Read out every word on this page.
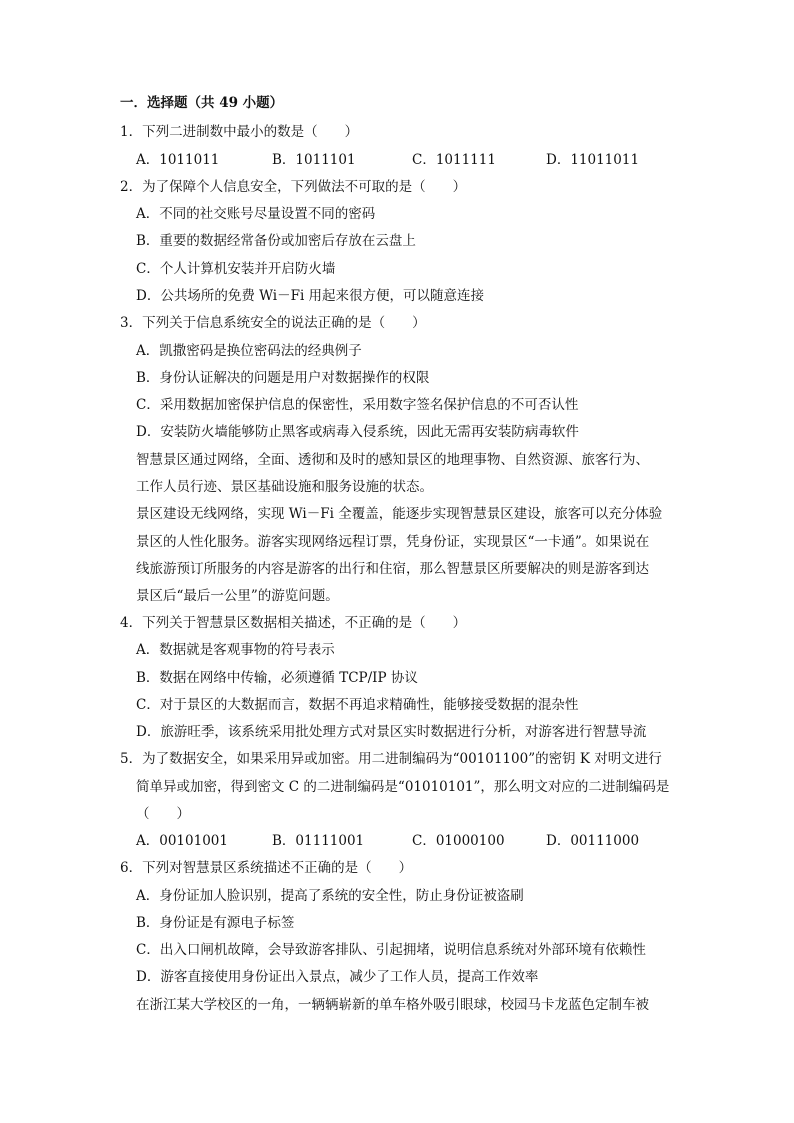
一．选择题（共 49 小题）
1．下列二进制数中最小的数是（　　）
A．1011011	B．1011101	C．1011111	D．11011011
2．为了保障个人信息安全，下列做法不可取的是（　　）
A．不同的社交账号尽量设置不同的密码
B．重要的数据经常备份或加密后存放在云盘上
C．个人计算机安装并开启防火墙
D．公共场所的免费 Wi－Fi 用起来很方便，可以随意连接
3．下列关于信息系统安全的说法正确的是（　　）
A．凯撒密码是换位密码法的经典例子
B．身份认证解决的问题是用户对数据操作的权限
C．采用数据加密保护信息的保密性，采用数字签名保护信息的不可否认性
D．安装防火墙能够防止黑客或病毒入侵系统，因此无需再安装防病毒软件
智慧景区通过网络，全面、透彻和及时的感知景区的地理事物、自然资源、旅客行为、
工作人员行迹、景区基础设施和服务设施的状态。
景区建设无线网络，实现 Wi－Fi 全覆盖，能逐步实现智慧景区建设，旅客可以充分体验
景区的人性化服务。游客实现网络远程订票，凭身份证，实现景区“一卡通”。如果说在
线旅游预订所服务的内容是游客的出行和住宿，那么智慧景区所要解决的则是游客到达
景区后“最后一公里”的游览问题。
4．下列关于智慧景区数据相关描述，不正确的是（　　）
A．数据就是客观事物的符号表示
B．数据在网络中传输，必须遵循 TCP/IP 协议
C．对于景区的大数据而言，数据不再追求精确性，能够接受数据的混杂性
D．旅游旺季，该系统采用批处理方式对景区实时数据进行分析，对游客进行智慧导流
5．为了数据安全，如果采用异或加密。用二进制编码为“00101100”的密钥 K 对明文进行
简单异或加密，得到密文 C 的二进制编码是“01010101”，那么明文对应的二进制编码是
（　　）
A．00101001	B．01111001	C．01000100	D．00111000
6．下列对智慧景区系统描述不正确的是（　　）
A．身份证加人脸识别，提高了系统的安全性，防止身份证被盗刷
B．身份证是有源电子标签
C．出入口闸机故障，会导致游客排队、引起拥堵，说明信息系统对外部环境有依赖性
D．游客直接使用身份证出入景点，减少了工作人员，提高工作效率
在浙江某大学校区的一角，一辆辆崭新的单车格外吸引眼球，校园马卡龙蓝色定制车被
